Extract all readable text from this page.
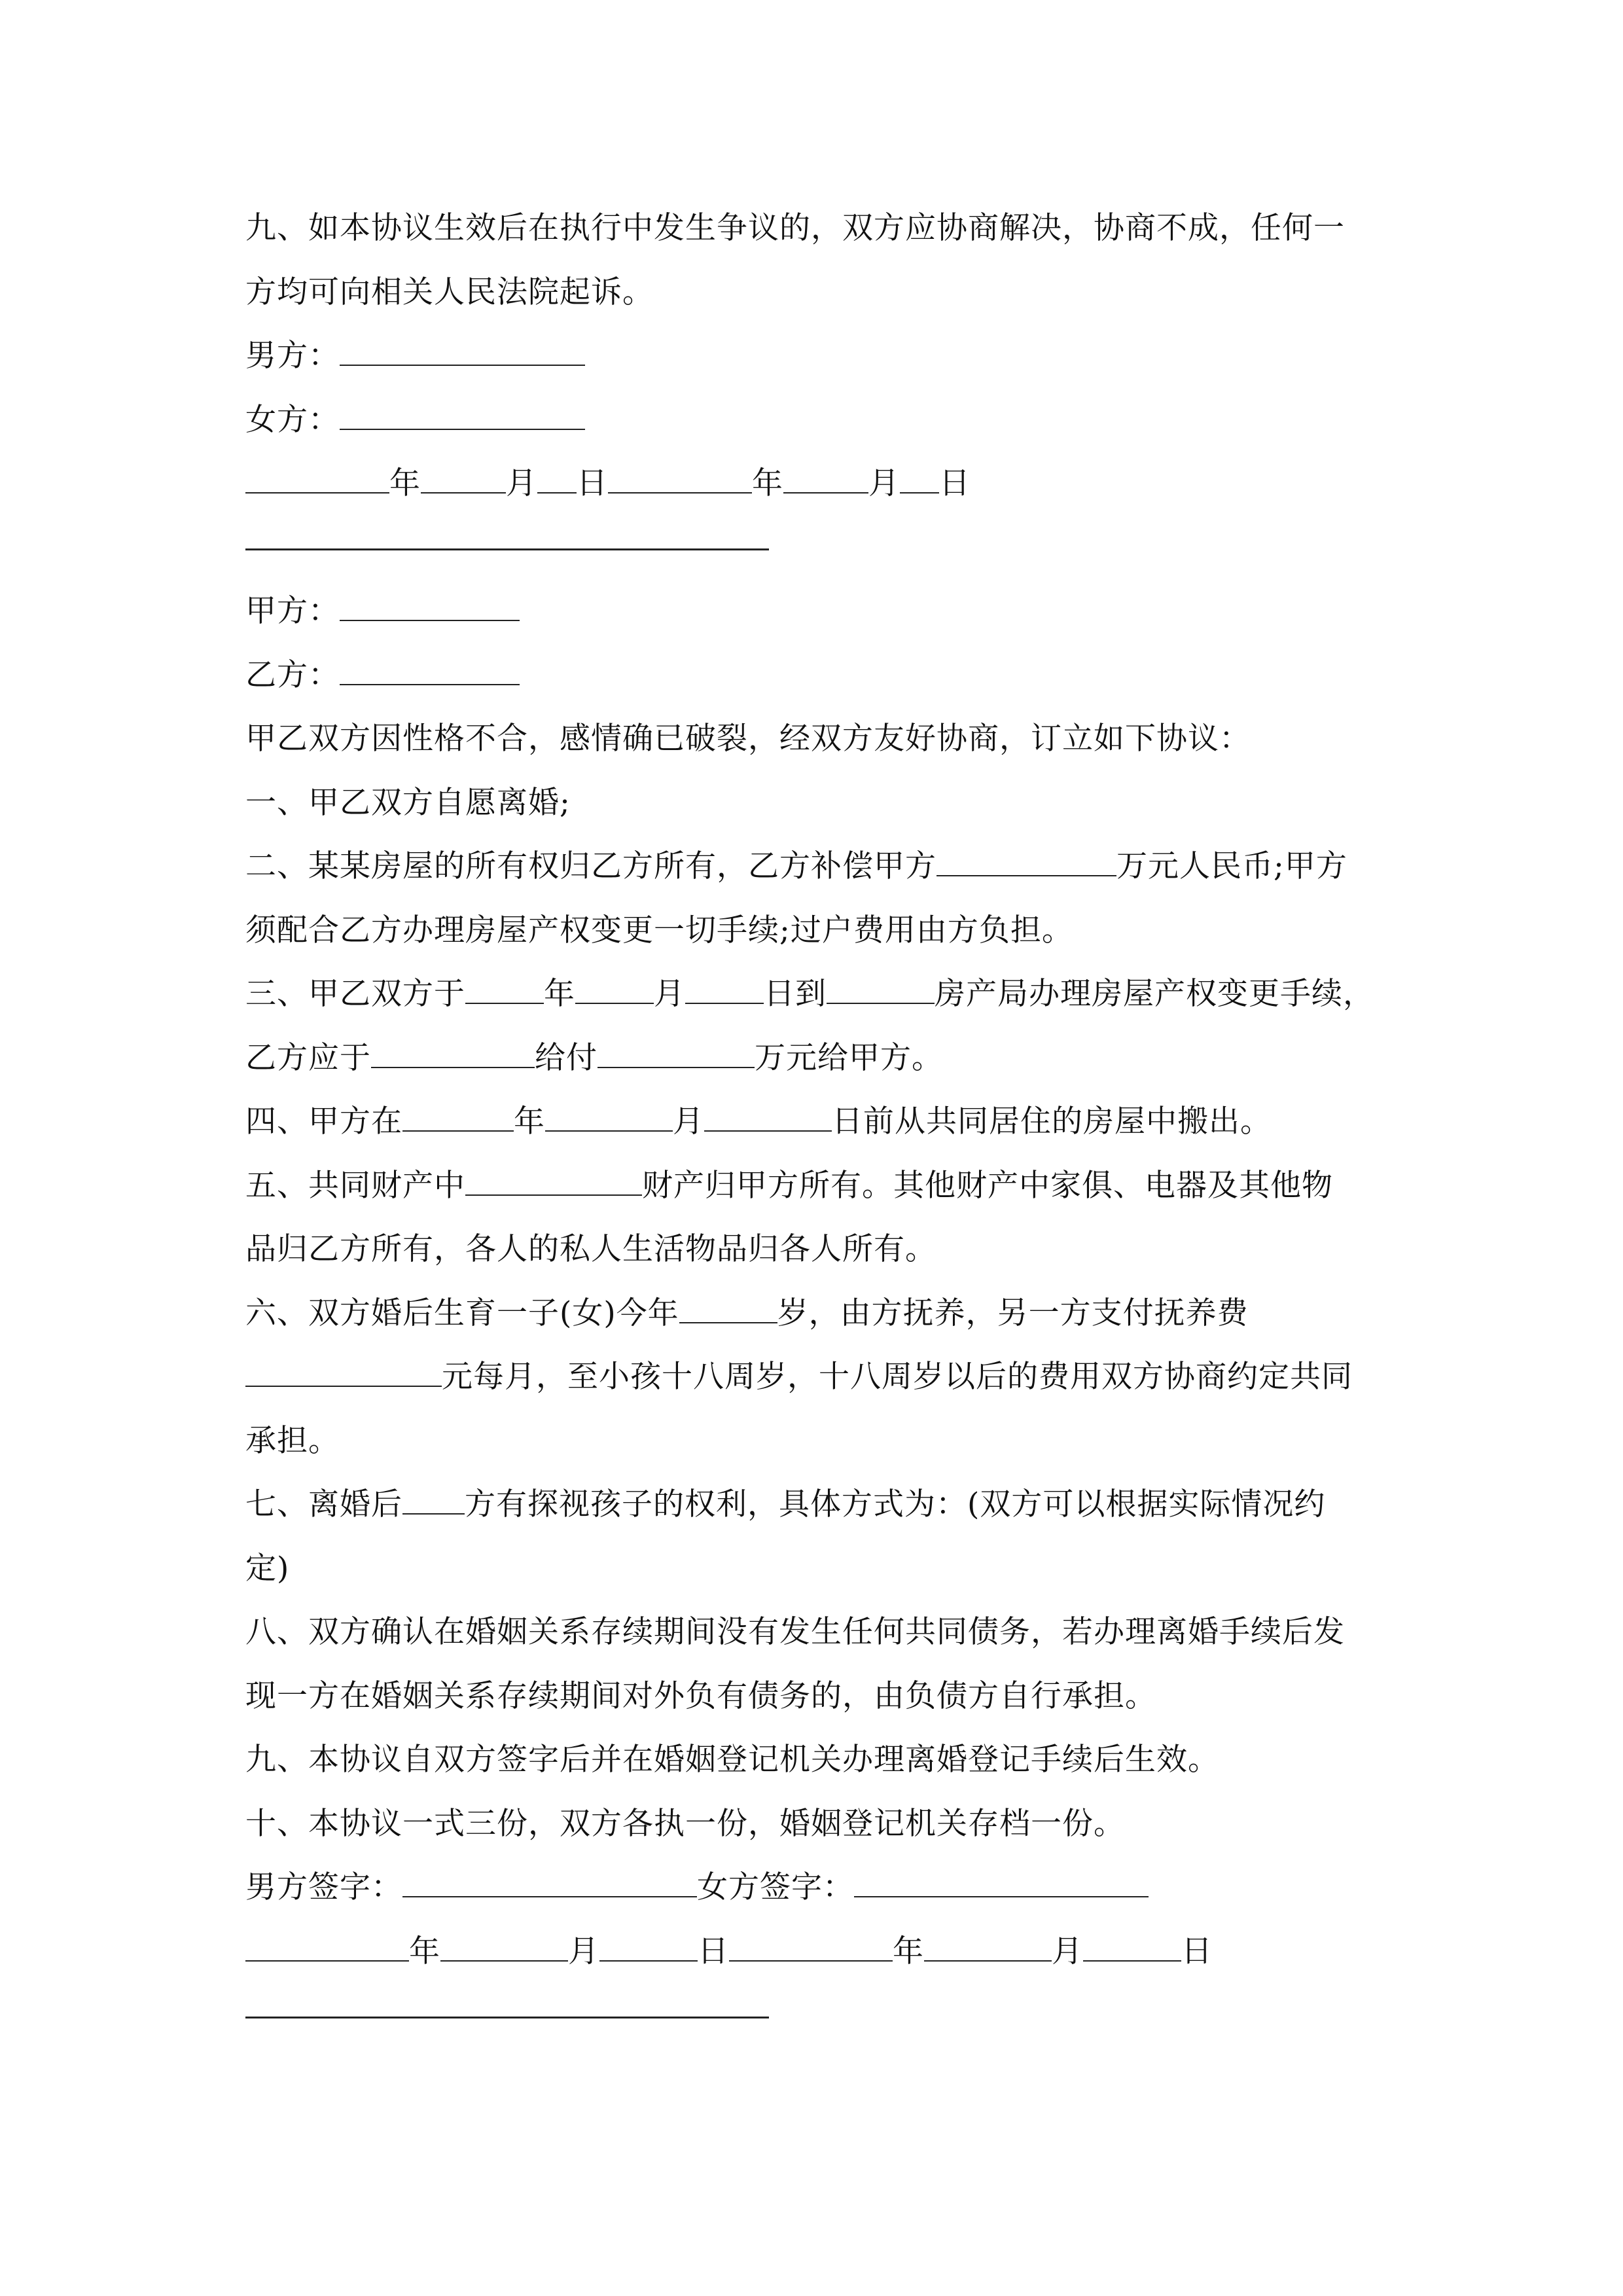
九、如本协议生效后在执行中发生争议的，双方应协商解决，协商不成，任何一
方均可向相关人民法院起诉。
男方：
女方：
年	月 日	年	月 日
甲方：
乙方：
甲乙双方因性格不合，感情确已破裂，经双方友好协商，订立如下协议：
一、甲乙双方自愿离婚;
二、某某房屋的所有权归乙方所有，乙方补偿甲方	万元人民币;甲方
须配合乙方办理房屋产权变更一切手续;过户费用由方负担。
三、甲乙双方于	年	月	日到	房产局办理房屋产权变更手续，
乙方应于	给付	万元给甲方。
四、甲方在	年	月	日前从共同居住的房屋中搬出。
五、共同财产中	财产归甲方所有。其他财产中家俱、电器及其他物
品归乙方所有，各人的私人生活物品归各人所有。
六、双方婚后生育一子(女)今年	岁，由方抚养，另一方支付抚养费
元每月，至小孩十八周岁，十八周岁以后的费用双方协商约定共同
承担。
七、离婚后 方有探视孩子的权利，具体方式为：(双方可以根据实际情况约
定)
八、双方确认在婚姻关系存续期间没有发生任何共同债务，若办理离婚手续后发
现一方在婚姻关系存续期间对外负有债务的，由负债方自行承担。
九、本协议自双方签字后并在婚姻登记机关办理离婚登记手续后生效。
十、本协议一式三份，双方各执一份，婚姻登记机关存档一份。
男方签字：	女方签字：
年	月	日	年	月	日
